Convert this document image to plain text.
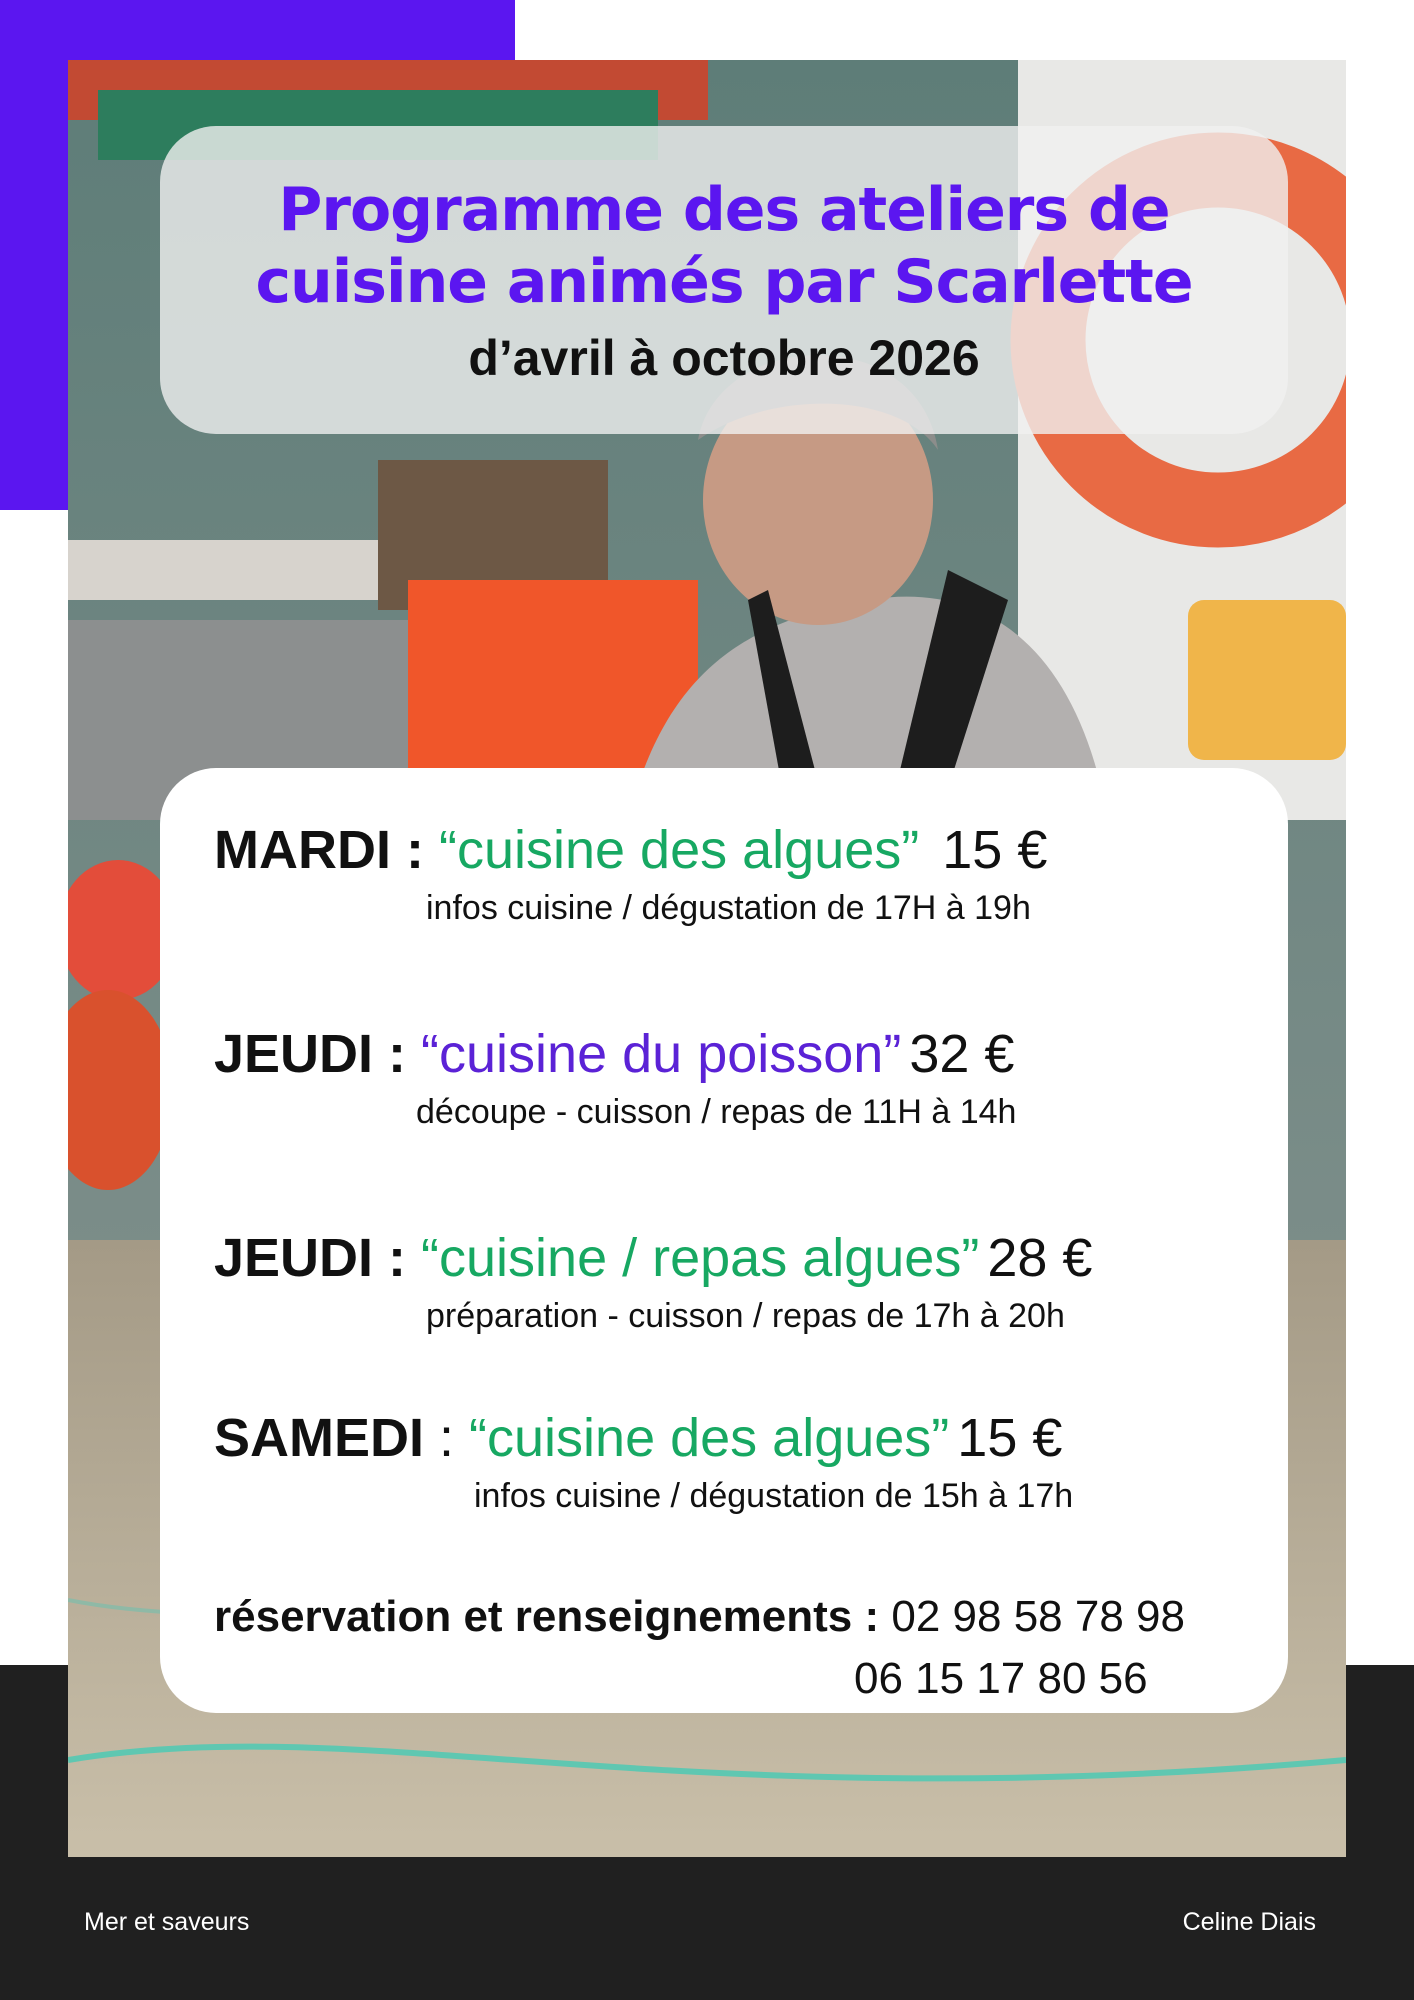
Programme des ateliers de
cuisine animés par Scarlette
d’avril à octobre 2026
MARDI : “cuisine des algues” 15 €
infos cuisine / dégustation de 17H à 19h
JEUDI : “cuisine du poisson” 32 €
découpe - cuisson / repas de 11H à 14h
JEUDI : “cuisine / repas algues” 28 €
préparation - cuisson / repas de 17h à 20h
SAMEDI : “cuisine des algues” 15 €
infos cuisine / dégustation de 15h à 17h
réservation et renseignements : 02 98 58 78 98
06 15 17 80 56
Mer et saveurs	Celine Diais
